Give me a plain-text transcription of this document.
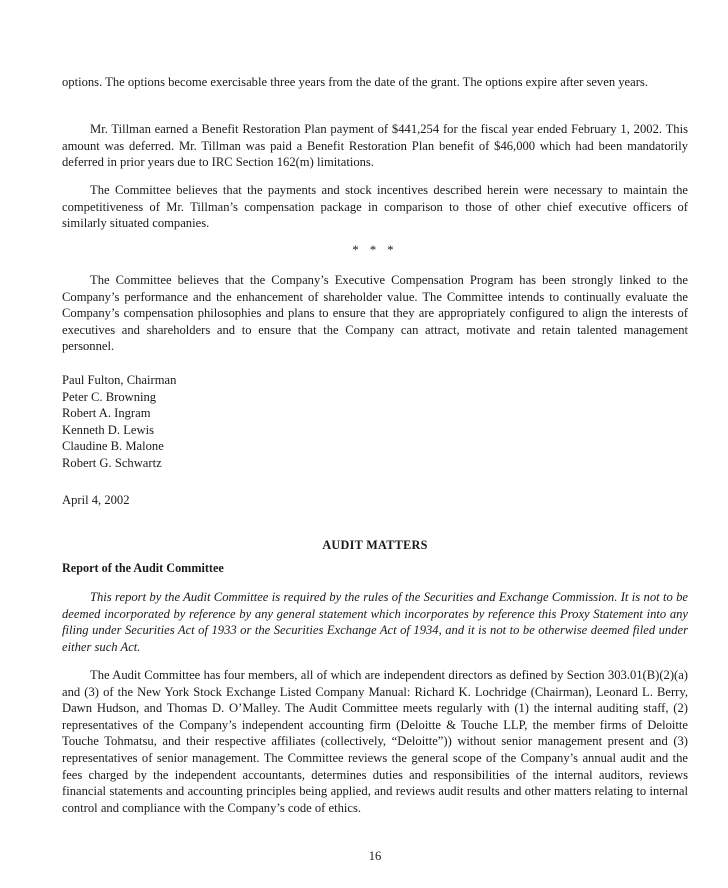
options. The options become exercisable three years from the date of the grant. The options expire after seven years.

Mr. Tillman earned a Benefit Restoration Plan payment of $441,254 for the fiscal year ended February 1, 2002. This amount was deferred. Mr. Tillman was paid a Benefit Restoration Plan benefit of $46,000 which had been mandatorily deferred in prior years due to IRC Section 162(m) limitations.

The Committee believes that the payments and stock incentives described herein were necessary to maintain the competitiveness of Mr. Tillman’s compensation package in comparison to those of other chief executive officers of similarly situated companies.

* * *

The Committee believes that the Company’s Executive Compensation Program has been strongly linked to the Company’s performance and the enhancement of shareholder value. The Committee intends to continually evaluate the Company’s compensation philosophies and plans to ensure that they are appropriately configured to align the interests of executives and shareholders and to ensure that the Company can attract, motivate and retain talented management personnel.

Paul Fulton, Chairman

Peter C. Browning

Robert A. Ingram

Kenneth D. Lewis

Claudine B. Malone

Robert G. Schwartz

April 4, 2002

AUDIT MATTERS
Report of the Audit Committee

This report by the Audit Committee is required by the rules of the Securities and Exchange Commission. It is not to be deemed incorporated by reference by any general statement which incorporates by reference this Proxy Statement into any filing under Securities Act of 1933 or the Securities Exchange Act of 1934, and it is not to be otherwise deemed filed under either such Act.

The Audit Committee has four members, all of which are independent directors as defined by Section 303.01(B)(2)(a) and (3) of the New York Stock Exchange Listed Company Manual: Richard K. Lochridge (Chairman), Leonard L. Berry, Dawn Hudson, and Thomas D. O’Malley. The Audit Committee meets regularly with (1) the internal auditing staff, (2) representatives of the Company’s independent accounting firm (Deloitte & Touche LLP, the member firms of Deloitte Touche Tohmatsu, and their respective affiliates (collectively, “Deloitte”)) without senior management present and (3) representatives of senior management. The Committee reviews the general scope of the Company’s annual audit and the fees charged by the independent accountants, determines duties and responsibilities of the internal auditors, reviews financial statements and accounting principles being applied, and reviews audit results and other matters relating to internal control and compliance with the Company’s code of ethics.

16
